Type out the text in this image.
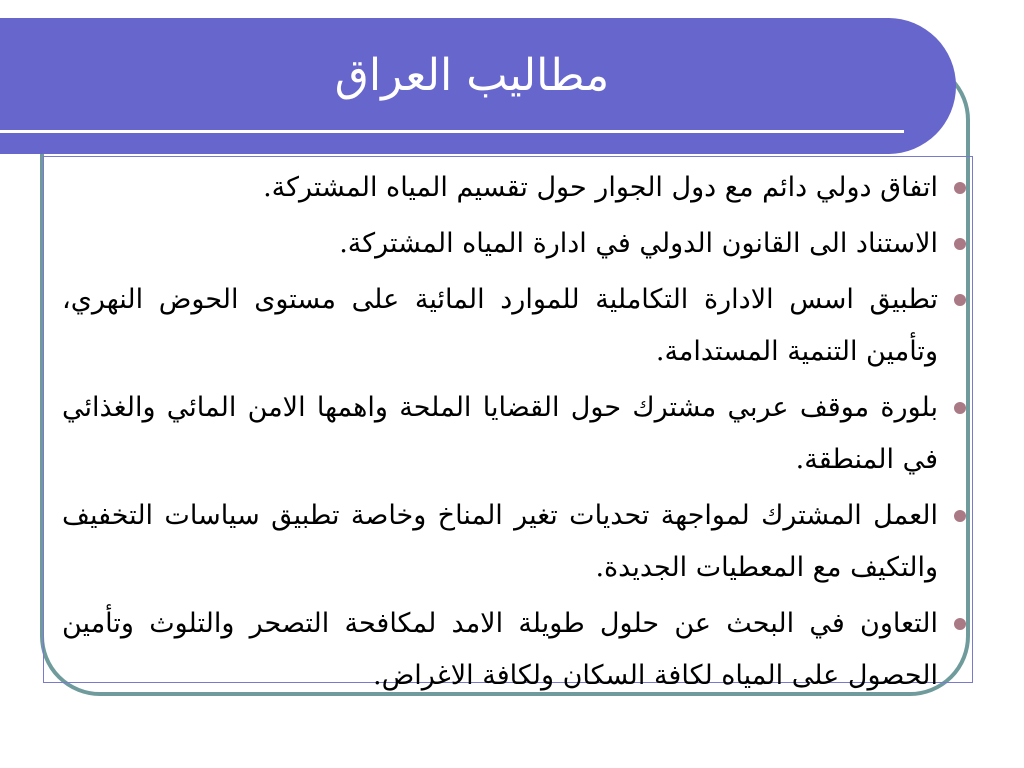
مطاليب العراق
اتفاق دولي دائم مع دول الجوار حول تقسيم المياه المشتركة.
الاستناد الى القانون الدولي في ادارة المياه المشتركة.
تطبيق اسس الادارة التكاملية للموارد المائية على مستوى الحوض النهري، وتأمين التنمية المستدامة.
بلورة موقف عربي مشترك حول القضايا الملحة واهمها الامن المائي والغذائي في المنطقة.
العمل المشترك لمواجهة تحديات تغير المناخ وخاصة تطبيق سياسات التخفيف والتكيف مع المعطيات الجديدة.
التعاون في البحث عن حلول طويلة الامد لمكافحة التصحر والتلوث وتأمين الحصول على المياه لكافة السكان ولكافة الاغراض.
